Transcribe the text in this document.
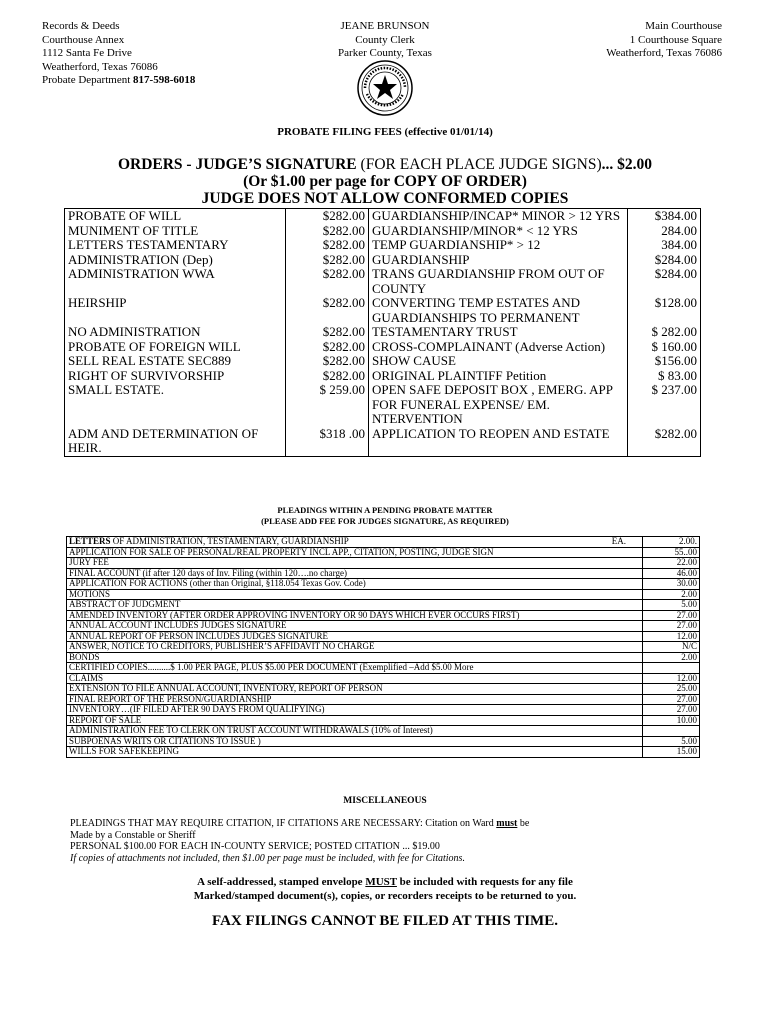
Records & Deeds
Courthouse Annex
1112 Santa Fe Drive
Weatherford, Texas 76086
Probate Department 817-598-6018
JEANE BRUNSON
County Clerk
Parker County, Texas
Main Courthouse
1 Courthouse Square
Weatherford, Texas 76086
PROBATE FILING FEES (effective 01/01/14)
ORDERS - JUDGE’S SIGNATURE (FOR EACH PLACE JUDGE SIGNS)... $2.00
(Or $1.00 per page for COPY OF ORDER)
JUDGE DOES NOT ALLOW CONFORMED COPIES
PROBATE OF WILL	$282.00	GUARDIANSHIP/INCAP* MINOR > 12 YRS	$384.00
MUNIMENT OF TITLE	$282.00	GUARDIANSHIP/MINOR* < 12 YRS	284.00
LETTERS TESTAMENTARY	$282.00	TEMP GUARDIANSHIP* > 12	384.00
ADMINISTRATION (Dep)	$282.00	GUARDIANSHIP	$284.00
ADMINISTRATION WWA	$282.00	TRANS GUARDIANSHIP FROM OUT OF COUNTY	$284.00
HEIRSHIP	$282.00	CONVERTING TEMP ESTATES AND GUARDIANSHIPS TO PERMANENT	$128.00
NO ADMINISTRATION	$282.00	TESTAMENTARY TRUST	$ 282.00
PROBATE OF FOREIGN WILL	$282.00	CROSS-COMPLAINANT (Adverse Action)	$ 160.00
SELL REAL ESTATE SEC889	$282.00	SHOW CAUSE	$156.00
RIGHT OF SURVIVORSHIP	$282.00	ORIGINAL PLAINTIFF Petition	$ 83.00
SMALL ESTATE.	$ 259.00	OPEN SAFE DEPOSIT BOX , EMERG. APP FOR FUNERAL EXPENSE/ EM. NTERVENTION	$ 237.00
ADM AND DETERMINATION OF HEIR.	$318 .00	APPLICATION TO REOPEN AND ESTATE	$282.00
PLEADINGS WITHIN A PENDING PROBATE MATTER
(PLEASE ADD FEE FOR JUDGES SIGNATURE, AS REQUIRED)
LETTERS OF ADMINISTRATION, TESTAMENTARY, GUARDIANSHIP EA.	2.00.
APPLICATION FOR SALE OF PERSONAL/REAL PROPERTY INCL APP., CITATION, POSTING, JUDGE SIGN	55..00
JURY FEE	22.00
FINAL ACCOUNT (if after 120 days of Inv. Filing (within 120….no charge)	46.00
APPLICATION FOR ACTIONS (other than Original, §118.054 Texas Gov. Code)	30.00
MOTIONS	2.00
ABSTRACT OF JUDGMENT	5.00
AMENDED INVENTORY (AFTER ORDER APPROVING INVENTORY OR 90 DAYS WHICH EVER OCCURS FIRST)	27.00
ANNUAL ACCOUNT INCLUDES JUDGES SIGNATURE	27.00
ANNUAL REPORT OF PERSON INCLUDES JUDGES SIGNATURE	12.00
ANSWER, NOTICE TO CREDITORS, PUBLISHER’S AFFIDAVIT NO CHARGE	N/C
BONDS	2.00
CERTIFIED COPIES..........$ 1.00 PER PAGE, PLUS $5.00 PER DOCUMENT (Exemplified –Add $5.00 More	
CLAIMS	12.00
EXTENSION TO FILE ANNUAL ACCOUNT, INVENTORY, REPORT OF PERSON	25.00
FINAL REPORT OF THE PERSON/GUARDIANSHIP	27.00
INVENTORY…(IF FILED AFTER 90 DAYS FROM QUALIFYING)	27.00
REPORT OF SALE	10.00
ADMINISTRATION FEE TO CLERK ON TRUST ACCOUNT WITHDRAWALS (10% of Interest)	
SUBPOENAS WRITS OR CITATIONS TO ISSUE )	5.00
WILLS FOR SAFEKEEPING	15.00
MISCELLANEOUS
PLEADINGS THAT MAY REQUIRE CITATION, IF CITATIONS ARE NECESSARY: Citation on Ward must be
Made by a Constable or Sheriff
PERSONAL $100.00 FOR EACH IN-COUNTY SERVICE; POSTED CITATION ... $19.00
If copies of attachments not included, then $1.00 per page must be included, with fee for Citations.
A self-addressed, stamped envelope MUST be included with requests for any file
Marked/stamped document(s), copies, or recorders receipts to be returned to you.
FAX FILINGS CANNOT BE FILED AT THIS TIME.
